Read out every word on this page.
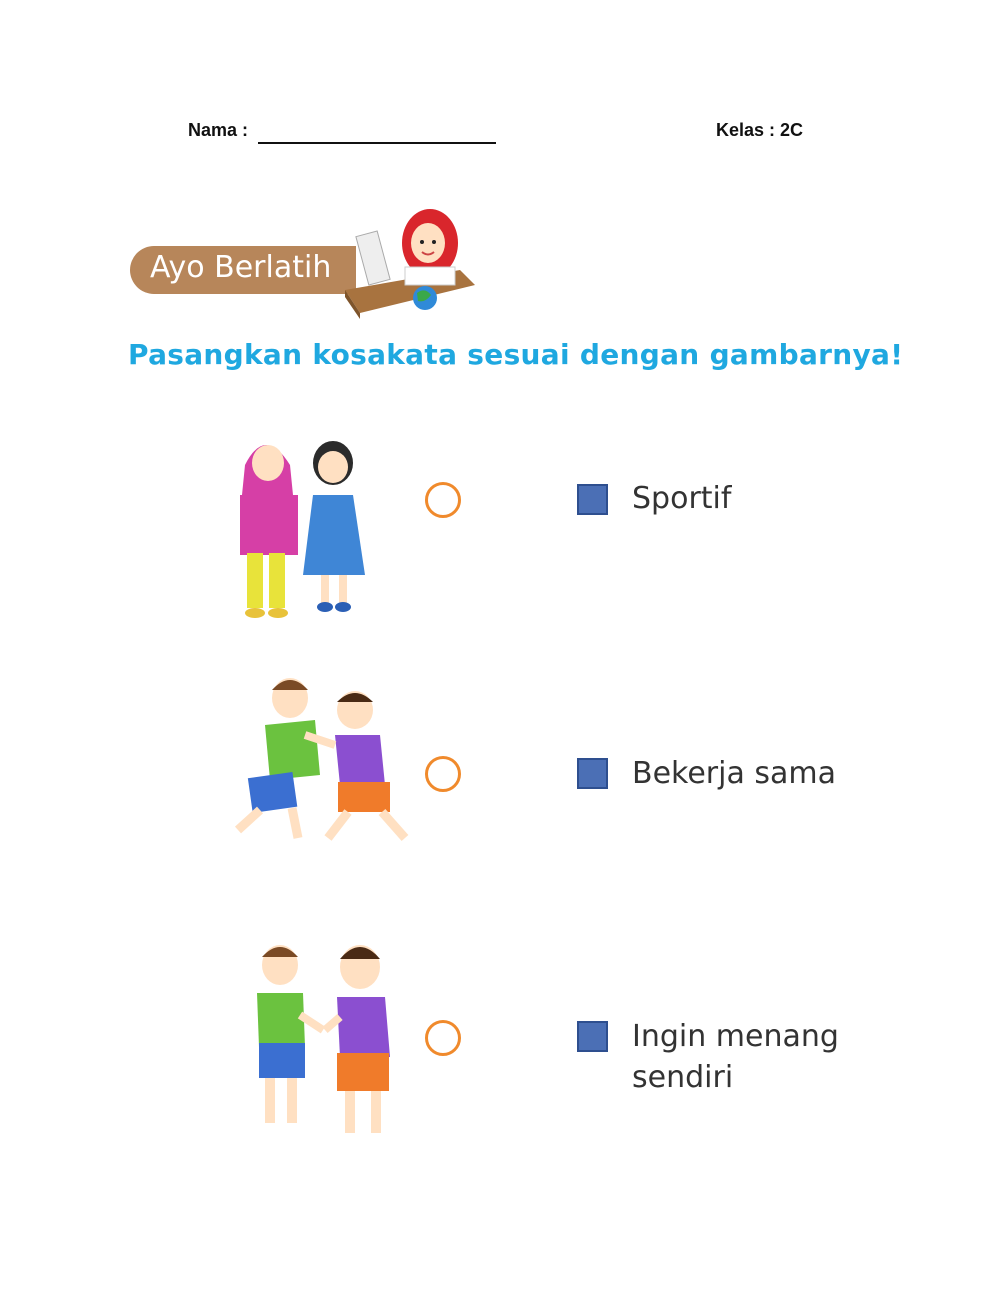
Nama :	Kelas : 2C
Ayo Berlatih
Pasangkan kosakata sesuai dengan gambarnya!
Sportif
Bekerja sama
Ingin menang
sendiri
